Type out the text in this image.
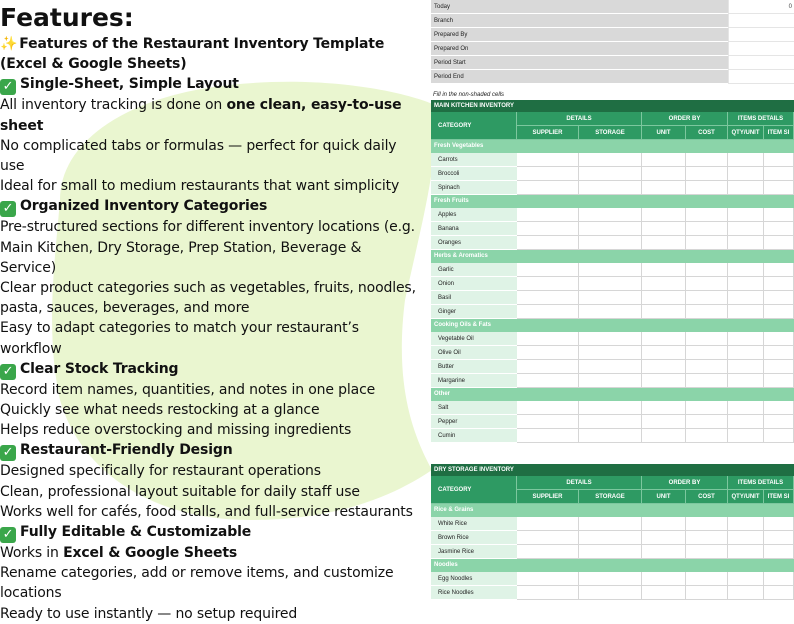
Features:
✨ Features of the Restaurant Inventory Template (Excel & Google Sheets)
✓ Single-Sheet, Simple Layout
All inventory tracking is done on one clean, easy-to-use sheet
No complicated tabs or formulas — perfect for quick daily use
Ideal for small to medium restaurants that want simplicity
✓ Organized Inventory Categories
Pre-structured sections for different inventory locations (e.g. Main Kitchen, Dry Storage, Prep Station, Beverage & Service)
Clear product categories such as vegetables, fruits, noodles, pasta, sauces, beverages, and more
Easy to adapt categories to match your restaurant’s workflow
✓ Clear Stock Tracking
Record item names, quantities, and notes in one place
Quickly see what needs restocking at a glance
Helps reduce overstocking and missing ingredients
✓ Restaurant-Friendly Design
Designed specifically for restaurant operations
Clean, professional layout suitable for daily staff use
Works well for cafés, food stalls, and full-service restaurants
✓ Fully Editable & Customizable
Works in Excel & Google Sheets
Rename categories, add or remove items, and customize locations
Ready to use instantly — no setup required
Today	0
Branch
Prepared By
Prepared On
Period Start
Period End
Fill in the non-shaded cells
MAIN KITCHEN INVENTORY
CATEGORY
DETAILS	ORDER BY	ITEMS DETAILS
SUPPLIER	STORAGE	UNIT	COST	QTY/UNIT	ITEM SI
Fresh Vegetables
Carrots
Broccoli
Spinach
Fresh Fruits
Apples
Banana
Oranges
Herbs & Aromatics
Garlic
Onion
Basil
Ginger
Cooking Oils & Fats
Vegetable Oil
Olive Oil
Butter
Margarine
Other
Salt
Pepper
Cumin
DRY STORAGE INVENTORY
CATEGORY
DETAILS	ORDER BY	ITEMS DETAILS
SUPPLIER	STORAGE	UNIT	COST	QTY/UNIT	ITEM SI
Rice & Grains
White Rice
Brown Rice
Jasmine Rice
Noodles
Egg Noodles
Rice Noodles
